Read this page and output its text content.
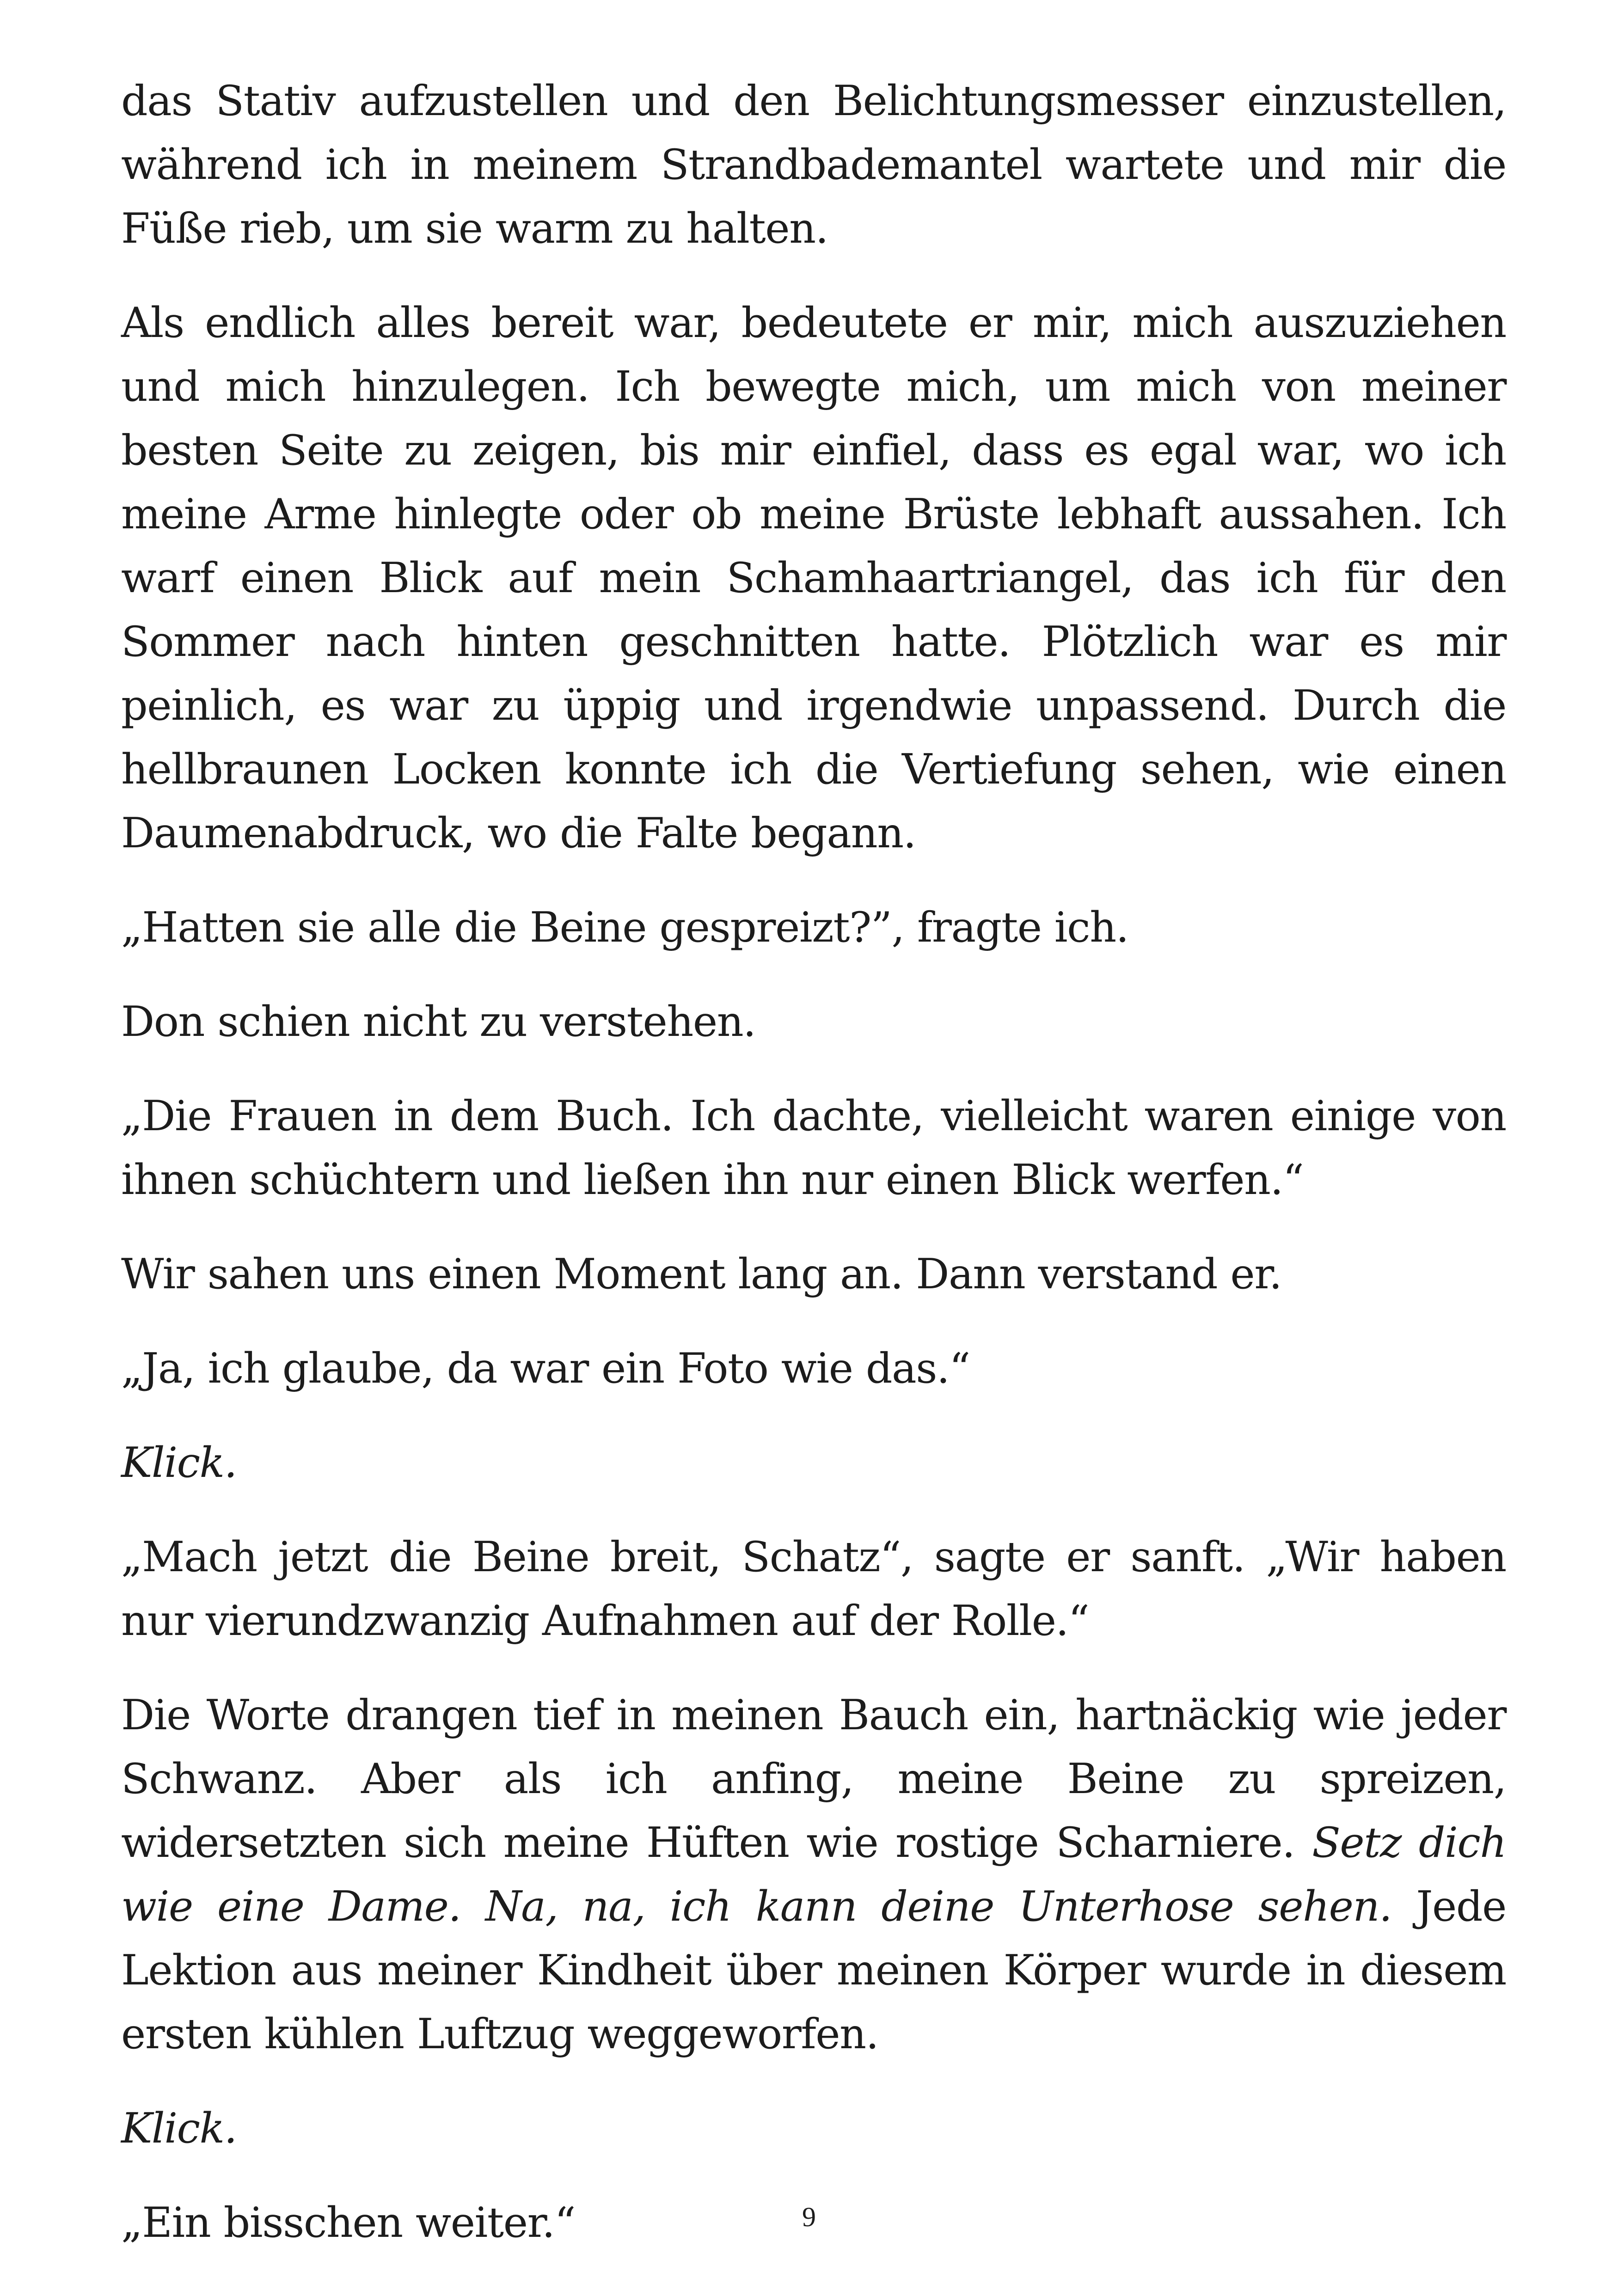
das Stativ aufzustellen und den Belichtungsmesser einzustellen, während ich in meinem Strandbademantel wartete und mir die Füße rieb, um sie warm zu halten.

Als endlich alles bereit war, bedeutete er mir, mich auszuziehen und mich hinzulegen. Ich bewegte mich, um mich von meiner besten Seite zu zeigen, bis mir einfiel, dass es egal war, wo ich meine Arme hinlegte oder ob meine Brüste lebhaft aussahen. Ich warf einen Blick auf mein Schamhaartriangel, das ich für den Sommer nach hinten geschnitten hatte. Plötzlich war es mir peinlich, es war zu üppig und irgendwie unpassend. Durch die hellbraunen Locken konnte ich die Vertiefung sehen, wie einen Daumenabdruck, wo die Falte begann.

„Hatten sie alle die Beine gespreizt?”, fragte ich.

Don schien nicht zu verstehen.

„Die Frauen in dem Buch. Ich dachte, vielleicht waren einige von ihnen schüchtern und ließen ihn nur einen Blick werfen.“

Wir sahen uns einen Moment lang an. Dann verstand er.

„Ja, ich glaube, da war ein Foto wie das.“

Klick.

„Mach jetzt die Beine breit, Schatz“, sagte er sanft. „Wir haben nur vierundzwanzig Aufnahmen auf der Rolle.“

Die Worte drangen tief in meinen Bauch ein, hartnäckig wie jeder Schwanz. Aber als ich anfing, meine Beine zu spreizen, widersetzten sich meine Hüften wie rostige Scharniere. Setz dich wie eine Dame. Na, na, ich kann deine Unterhose sehen. Jede Lektion aus meiner Kindheit über meinen Körper wurde in diesem ersten kühlen Luftzug weggeworfen.

Klick.

„Ein bisschen weiter.“	9
